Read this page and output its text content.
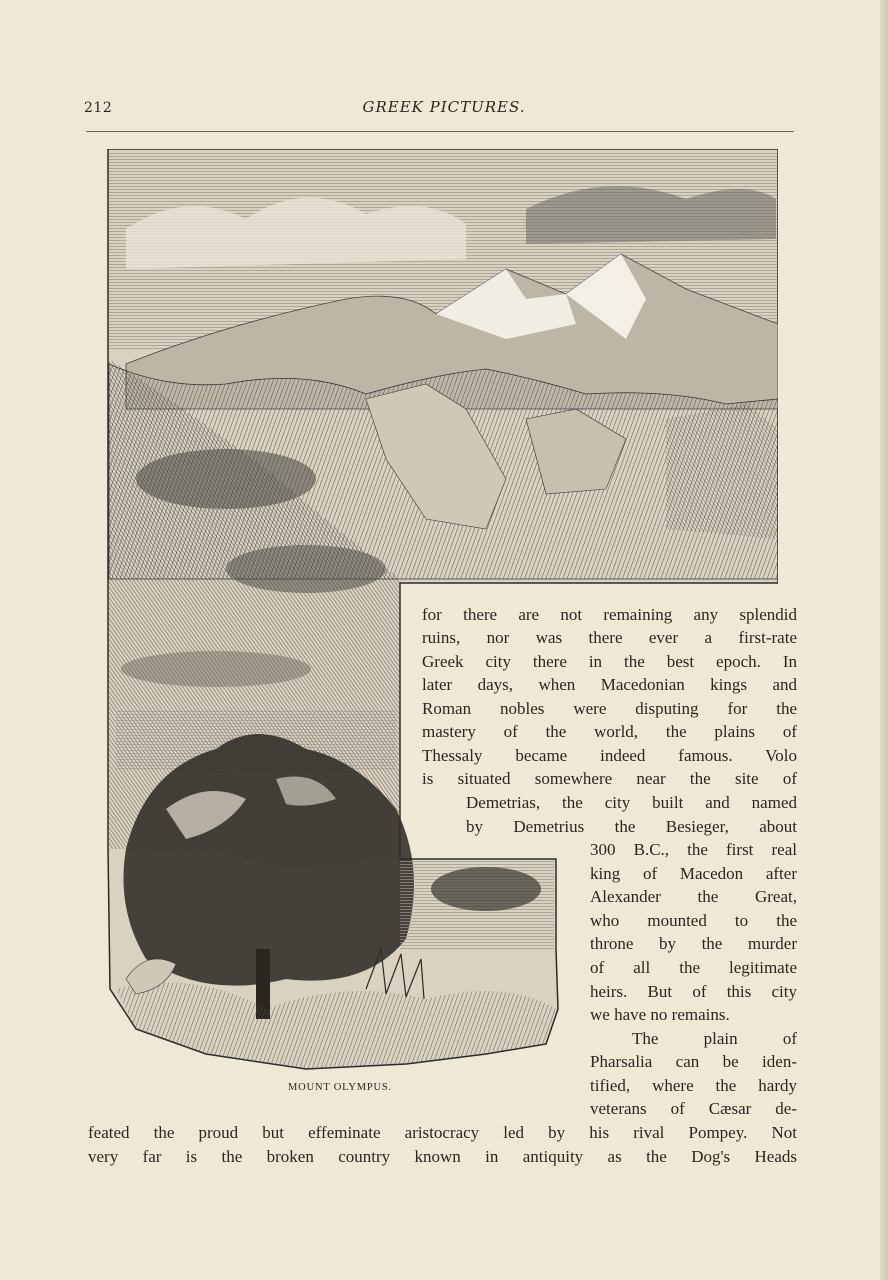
212	GREEK PICTURES.
MOUNT OLYMPUS.
for there are not remaining any splendid
ruins, nor was there ever a first-rate
Greek city there in the best epoch. In
later days, when Macedonian kings and
Roman nobles were disputing for the
mastery of the world, the plains of
Thessaly became indeed famous. Volo
is situated somewhere near the site of
Demetrias, the city built and named
by Demetrius the Besieger, about
300 B.C., the first real
king of Macedon after
Alexander the Great,
who mounted to the
throne by the murder
of all the legitimate
heirs. But of this city
we have no remains.
The plain of
Pharsalia can be iden-
tified, where the hardy
veterans of Cæsar de-
feated the proud but effeminate aristocracy led by his rival Pompey. Not
very far is the broken country known in antiquity as the Dog's Heads
